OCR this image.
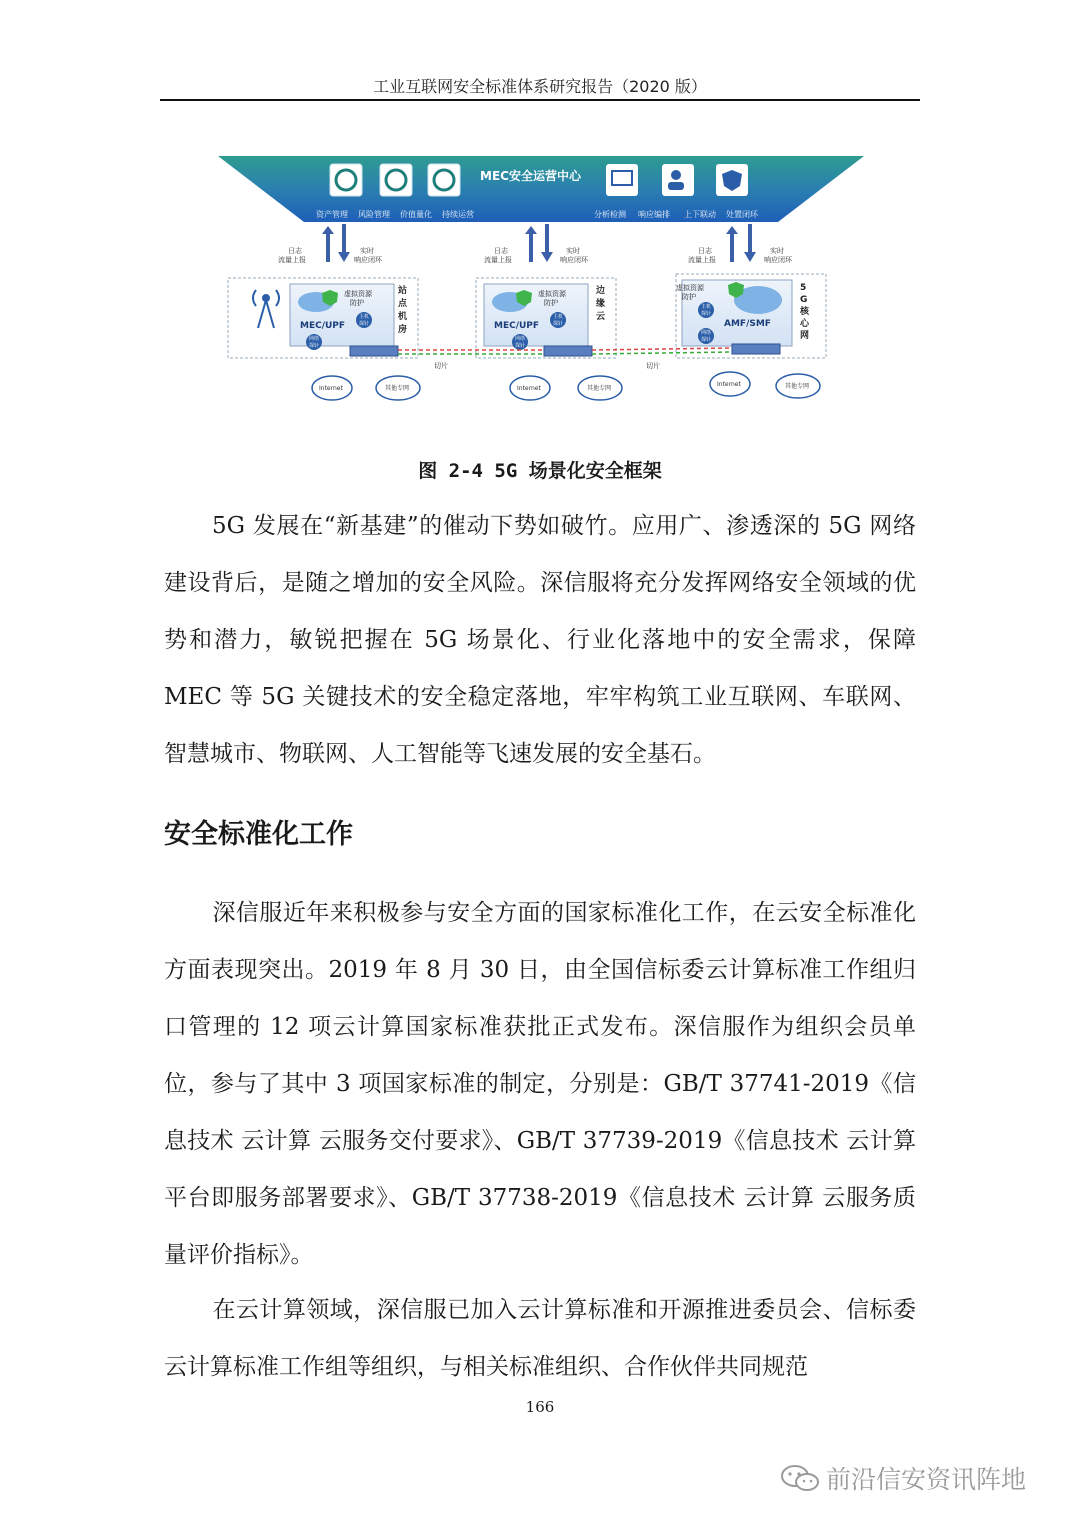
工业互联网安全标准体系研究报告（2020 版）
MEC安全运营中心
资产管理 风险管理 价值量化 持续运营	分析检测 响应编排 上下联动 处置闭环
日志
流量上报
实时
响应闭环
日志
流量上报
实时
响应闭环
日志
流量上报
实时
响应闭环
虚拟资源
防护
MEC/UPF
主机
探针
网络
探针
站
点
机
房
虚拟资源
防护
MEC/UPF
主机
探针
网络
探针
边
缘
云
虚拟资源
防护
AMF/SMF
主机
探针
网络
探针
5
G
核
心
网
切片	切片
Internet	其他专网	Internet	其他专网
Internet	其他专网
图 2-4 5G 场景化安全框架

5G 发展在“新基建”的催动下势如破竹。应用广、渗透深的 5G 网络建设背后，是随之增加的安全风险。深信服将充分发挥网络安全领域的优势和潜力，敏锐把握在 5G 场景化、行业化落地中的安全需求，保障 MEC 等 5G 关键技术的安全稳定落地，牢牢构筑工业互联网、车联网、智慧城市、物联网、人工智能等飞速发展的安全基石。

安全标准化工作

深信服近年来积极参与安全方面的国家标准化工作，在云安全标准化方面表现突出。2019 年 8 月 30 日，由全国信标委云计算标准工作组归口管理的 12 项云计算国家标准获批正式发布。深信服作为组织会员单位，参与了其中 3 项国家标准的制定，分别是：GB/T 37741-2019《信息技术 云计算 云服务交付要求》、GB/T 37739-2019《信息技术 云计算平台即服务部署要求》、GB/T 37738-2019《信息技术 云计算 云服务质量评价指标》。

在云计算领域，深信服已加入云计算标准和开源推进委员会、信标委云计算标准工作组等组织，与相关标准组织、合作伙伴共同规范

166
前沿信安资讯阵地
